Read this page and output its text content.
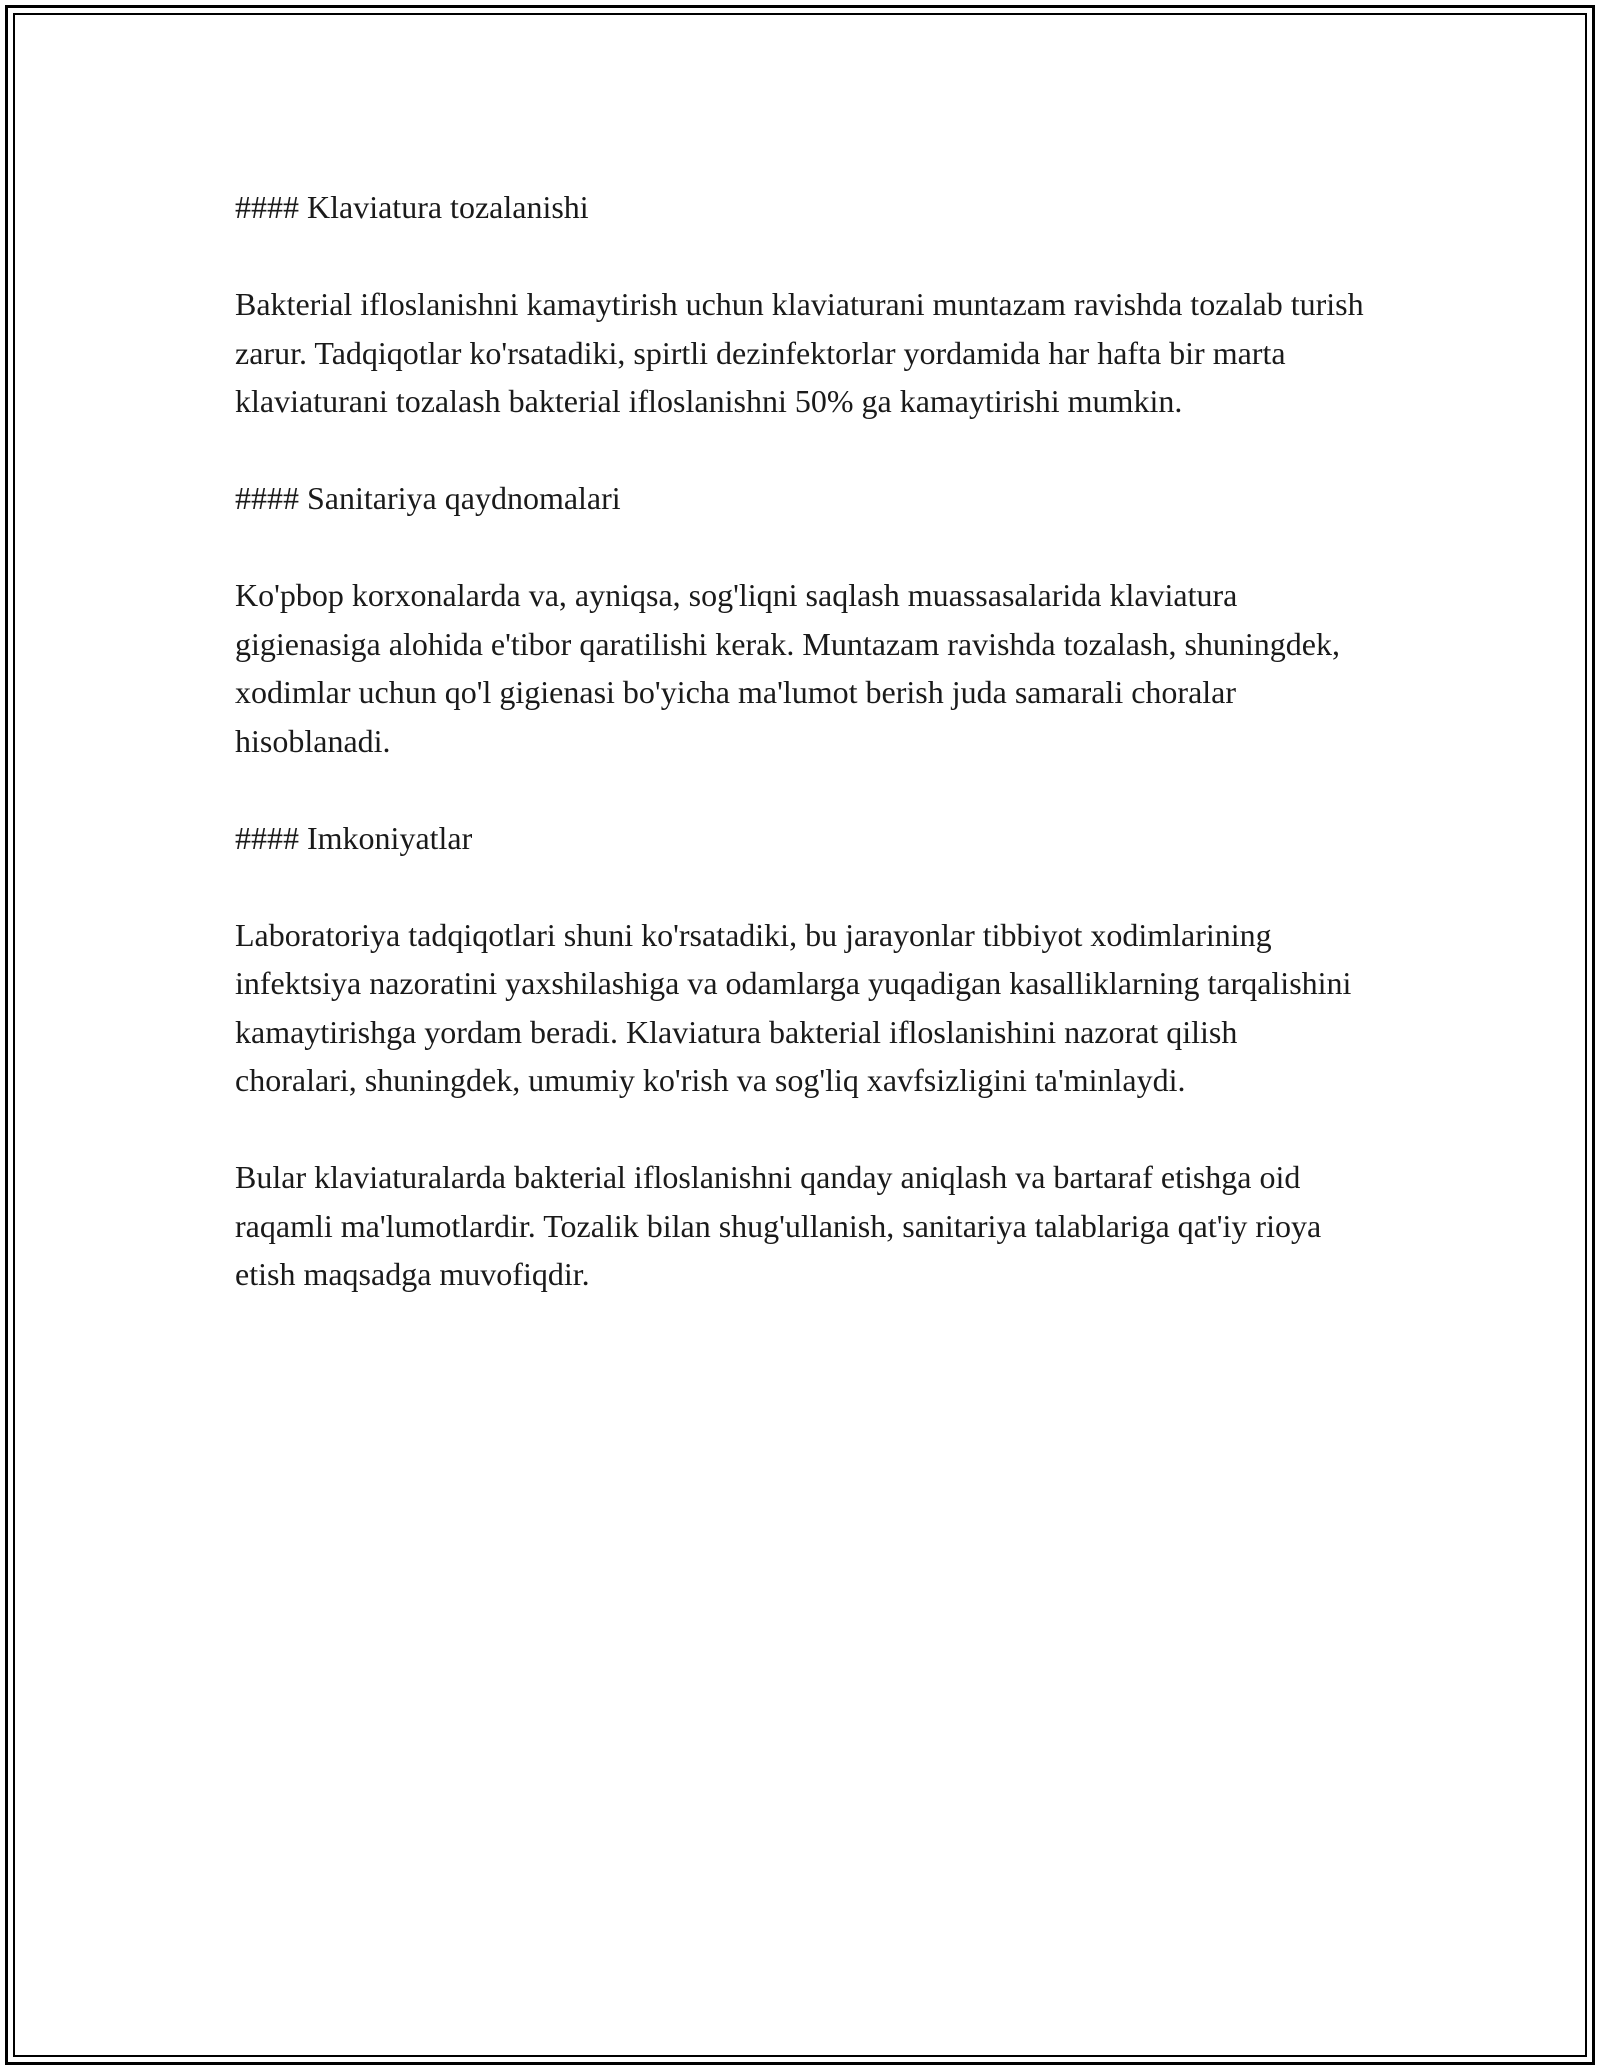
#### Klaviatura tozalanishi

Bakterial ifloslanishni kamaytirish uchun klaviaturani muntazam ravishda tozalab turish zarur. Tadqiqotlar ko'rsatadiki, spirtli dezinfektorlar yordamida har hafta bir marta klaviaturani tozalash bakterial ifloslanishni 50% ga kamaytirishi mumkin.

#### Sanitariya qaydnomalari

Ko'pbop korxonalarda va, ayniqsa, sog'liqni saqlash muassasalarida klaviatura gigienasiga alohida e'tibor qaratilishi kerak. Muntazam ravishda tozalash, shuningdek, xodimlar uchun qo'l gigienasi bo'yicha ma'lumot berish juda samarali choralar hisoblanadi.

#### Imkoniyatlar

Laboratoriya tadqiqotlari shuni ko'rsatadiki, bu jarayonlar tibbiyot xodimlarining infektsiya nazoratini yaxshilashiga va odamlarga yuqadigan kasalliklarning tarqalishini kamaytirishga yordam beradi. Klaviatura bakterial ifloslanishini nazorat qilish choralari, shuningdek, umumiy ko'rish va sog'liq xavfsizligini ta'minlaydi.

Bular klaviaturalarda bakterial ifloslanishni qanday aniqlash va bartaraf etishga oid raqamli ma'lumotlardir. Tozalik bilan shug'ullanish, sanitariya talablariga qat'iy rioya etish maqsadga muvofiqdir.
